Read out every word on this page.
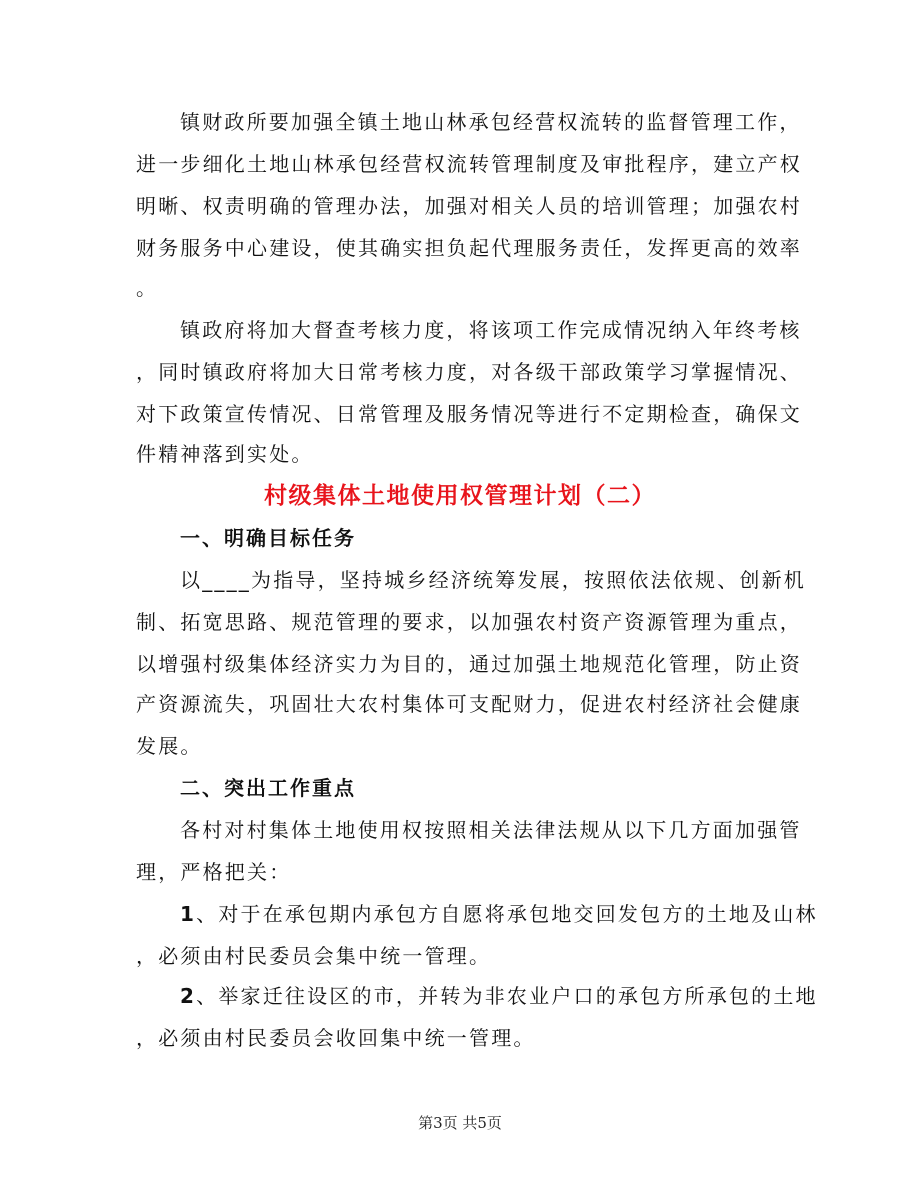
镇财政所要加强全镇土地山林承包经营权流转的监督管理工作，
进一步细化土地山林承包经营权流转管理制度及审批程序，建立产权
明晰、权责明确的管理办法，加强对相关人员的培训管理；加强农村
财务服务中心建设，使其确实担负起代理服务责任，发挥更高的效率
。
镇政府将加大督查考核力度，将该项工作完成情况纳入年终考核
，同时镇政府将加大日常考核力度，对各级干部政策学习掌握情况、
对下政策宣传情况、日常管理及服务情况等进行不定期检查，确保文
件精神落到实处。
村级集体土地使用权管理计划（二）
一、明确目标任务
以____为指导，坚持城乡经济统筹发展，按照依法依规、创新机
制、拓宽思路、规范管理的要求，以加强农村资产资源管理为重点，
以增强村级集体经济实力为目的，通过加强土地规范化管理，防止资
产资源流失，巩固壮大农村集体可支配财力，促进农村经济社会健康
发展。
二、突出工作重点
各村对村集体土地使用权按照相关法律法规从以下几方面加强管
理，严格把关：
1、对于在承包期内承包方自愿将承包地交回发包方的土地及山林
，必须由村民委员会集中统一管理。
2、举家迁往设区的市，并转为非农业户口的承包方所承包的土地
，必须由村民委员会收回集中统一管理。
第3页 共5页
